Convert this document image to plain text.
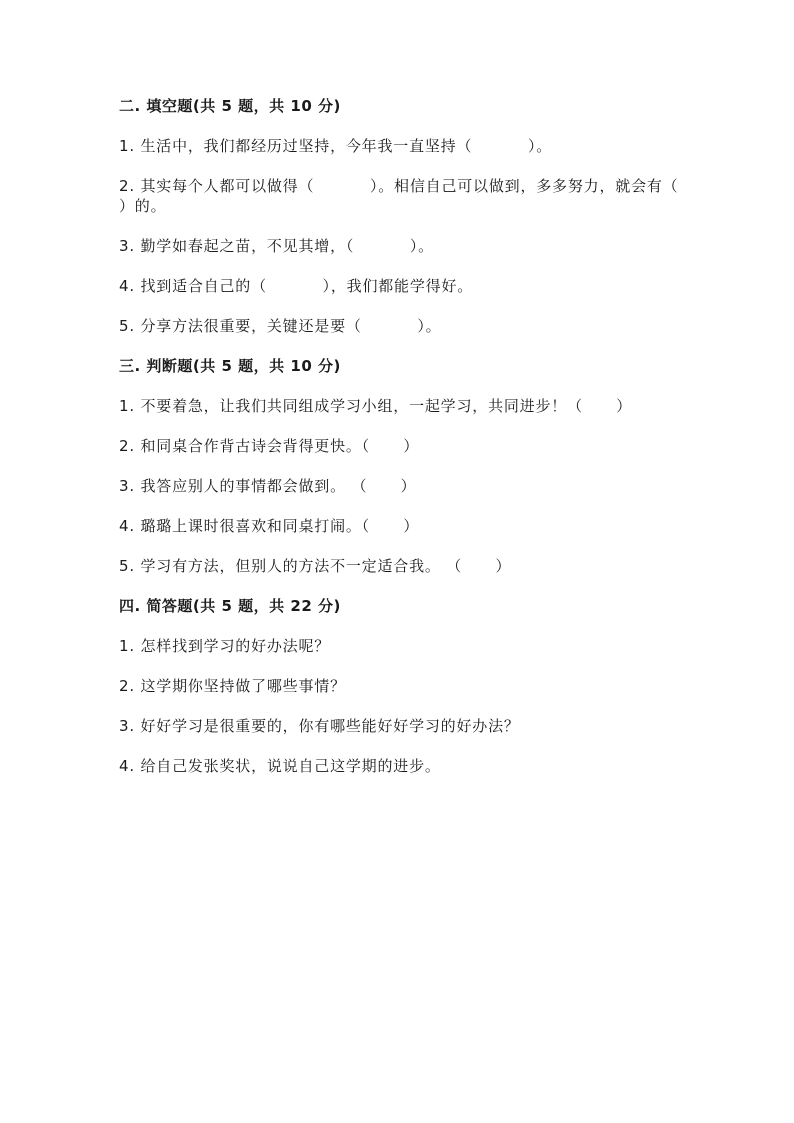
二. 填空题(共 5 题，共 10 分)

1. 生活中，我们都经历过坚持，今年我一直坚持（          ）。

2. 其实每个人都可以做得（          ）。相信自己可以做到，多多努力，就会有（          ）的。

3. 勤学如春起之苗，不见其增，（          ）。

4. 找到适合自己的（          ），我们都能学得好。

5. 分享方法很重要，关键还是要（          ）。

三. 判断题(共 5 题，共 10 分)

1. 不要着急，让我们共同组成学习小组，一起学习，共同进步！（      ）

2. 和同桌合作背古诗会背得更快。（      ）

3. 我答应别人的事情都会做到。 （      ）

4. 璐璐上课时很喜欢和同桌打闹。（      ）

5. 学习有方法，但别人的方法不一定适合我。 （      ）

四. 简答题(共 5 题，共 22 分)

1. 怎样找到学习的好办法呢？

2. 这学期你坚持做了哪些事情？

3. 好好学习是很重要的，你有哪些能好好学习的好办法？

4. 给自己发张奖状，说说自己这学期的进步。
